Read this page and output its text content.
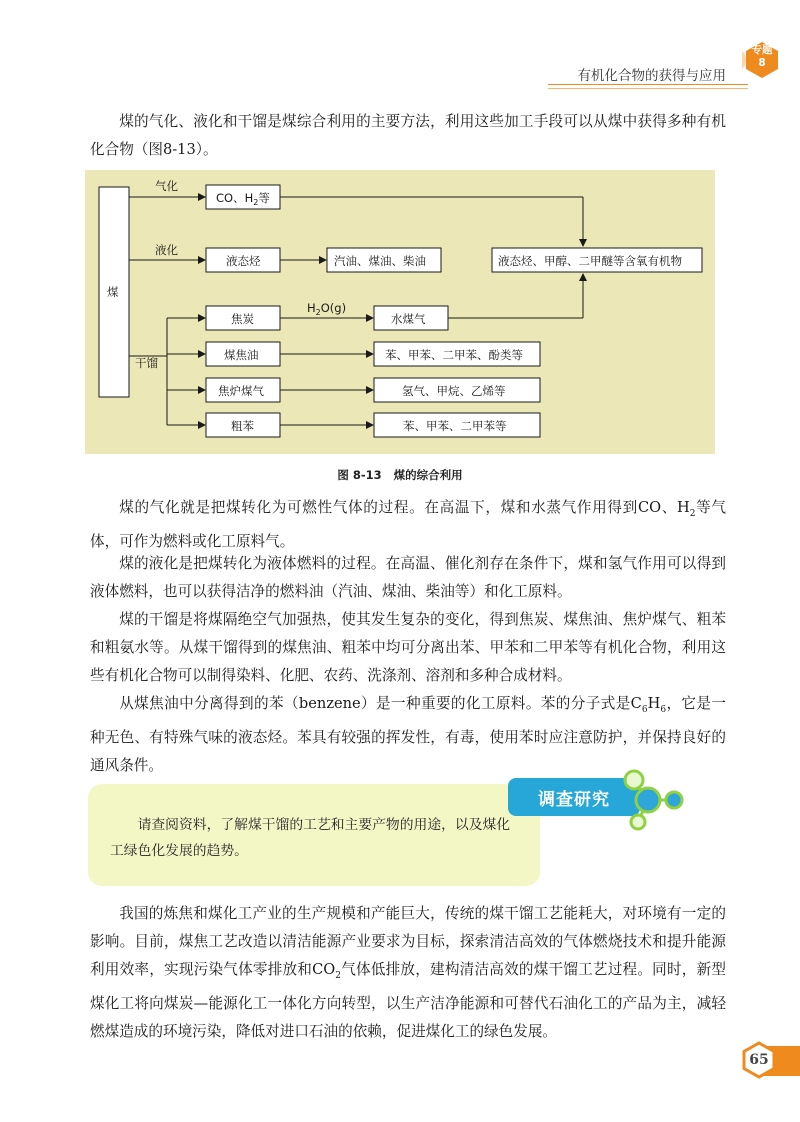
有机化合物的获得与应用
专题
8

煤的气化、液化和干馏是煤综合利用的主要方法，利用这些加工手段可以从煤中获得多种有机化合物（图8-13）。

煤
气化
液化
干馏
CO、$H_2$等
液态烃	汽油、煤油、柴油	液态烃、甲醇、二甲醚等含氧有机物
焦炭
$H_2O(g)$
水煤气
煤焦油	苯、甲苯、二甲苯、酚类等
焦炉煤气	氢气、甲烷、乙烯等
粗苯	苯、甲苯、二甲苯等
图 8-13 煤的综合利用

煤的气化就是把煤转化为可燃性气体的过程。在高温下，煤和水蒸气作用得到CO、$H_2$等气体，可作为燃料或化工原料气。

煤的液化是把煤转化为液体燃料的过程。在高温、催化剂存在条件下，煤和氢气作用可以得到液体燃料，也可以获得洁净的燃料油（汽油、煤油、柴油等）和化工原料。

煤的干馏是将煤隔绝空气加强热，使其发生复杂的变化，得到焦炭、煤焦油、焦炉煤气、粗苯和粗氨水等。从煤干馏得到的煤焦油、粗苯中均可分离出苯、甲苯和二甲苯等有机化合物，利用这些有机化合物可以制得染料、化肥、农药、洗涤剂、溶剂和多种合成材料。

从煤焦油中分离得到的苯（benzene）是一种重要的化工原料。苯的分子式是$C_6H_6$，它是一种无色、有特殊气味的液态烃。苯具有较强的挥发性，有毒，使用苯时应注意防护，并保持良好的通风条件。

请查阅资料，了解煤干馏的工艺和主要产物的用途，以及煤化工绿色化发展的趋势。

调查研究

我国的炼焦和煤化工产业的生产规模和产能巨大，传统的煤干馏工艺能耗大，对环境有一定的影响。目前，煤焦工艺改造以清洁能源产业要求为目标，探索清洁高效的气体燃烧技术和提升能源利用效率，实现污染气体零排放和$CO_2$气体低排放，建构清洁高效的煤干馏工艺过程。同时，新型煤化工将向煤炭—能源化工一体化方向转型，以生产洁净能源和可替代石油化工的产品为主，减轻燃煤造成的环境污染，降低对进口石油的依赖，促进煤化工的绿色发展。

65
